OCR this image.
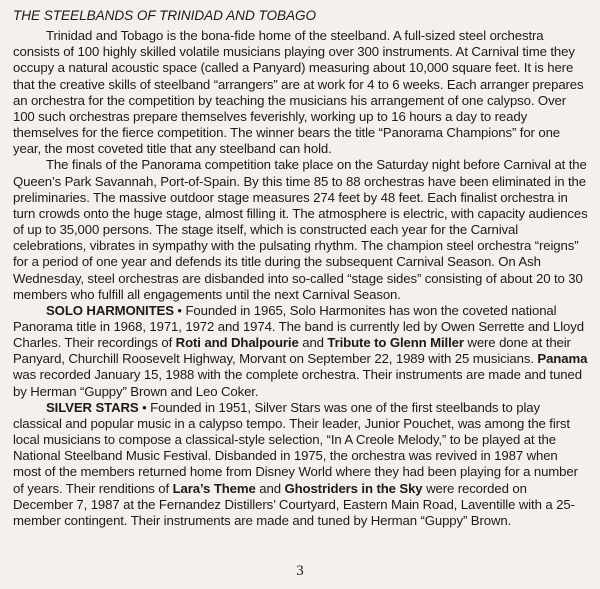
THE STEELBANDS OF TRINIDAD AND TOBAGO

Trinidad and Tobago is the bona-fide home of the steelband. A full-sized steel orchestra consists of 100 highly skilled volatile musicians playing over 300 instruments. At Carnival time they occupy a natural acoustic space (called a Panyard) measuring about 10,000 square feet. It is here that the creative skills of steelband “arrangers” are at work for 4 to 6 weeks. Each arranger prepares an orchestra for the competition by teaching the musicians his arrangement of one calypso. Over 100 such orchestras prepare themselves feverishly, working up to 16 hours a day to ready themselves for the fierce competition. The winner bears the title “Panorama Champions” for one year, the most coveted title that any steelband can hold.

The finals of the Panorama competition take place on the Saturday night before Carnival at the Queen’s Park Savannah, Port-of-Spain. By this time 85 to 88 orchestras have been eliminated in the preliminaries. The massive outdoor stage measures 274 feet by 48 feet. Each finalist orchestra in turn crowds onto the huge stage, almost filling it. The atmosphere is electric, with capacity audiences of up to 35,000 persons. The stage itself, which is constructed each year for the Carnival celebrations, vibrates in sympathy with the pulsating rhythm. The champion steel orchestra “reigns” for a period of one year and defends its title during the subsequent Carnival Season. On Ash Wednesday, steel orchestras are disbanded into so-called “stage sides” consisting of about 20 to 30 members who fulfill all engagements until the next Carnival Season.

SOLO HARMONITES • Founded in 1965, Solo Harmonites has won the coveted national Panorama title in 1968, 1971, 1972 and 1974. The band is currently led by Owen Serrette and Lloyd Charles. Their recordings of Roti and Dhalpourie and Tribute to Glenn Miller were done at their Panyard, Churchill Roosevelt Highway, Morvant on September 22, 1989 with 25 musicians. Panama was recorded January 15, 1988 with the complete orchestra. Their instruments are made and tuned by Herman “Guppy” Brown and Leo Coker.

SILVER STARS • Founded in 1951, Silver Stars was one of the first steelbands to play classical and popular music in a calypso tempo. Their leader, Junior Pouchet, was among the first local musicians to compose a classical-style selection, “In A Creole Melody,” to be played at the National Steelband Music Festival. Disbanded in 1975, the orchestra was revived in 1987 when most of the members returned home from Disney World where they had been playing for a number of years. Their renditions of Lara’s Theme and Ghostriders in the Sky were recorded on December 7, 1987 at the Fernandez Distillers’ Courtyard, Eastern Main Road, Laventille with a 25-member contingent. Their instruments are made and tuned by Herman “Guppy” Brown.

3
